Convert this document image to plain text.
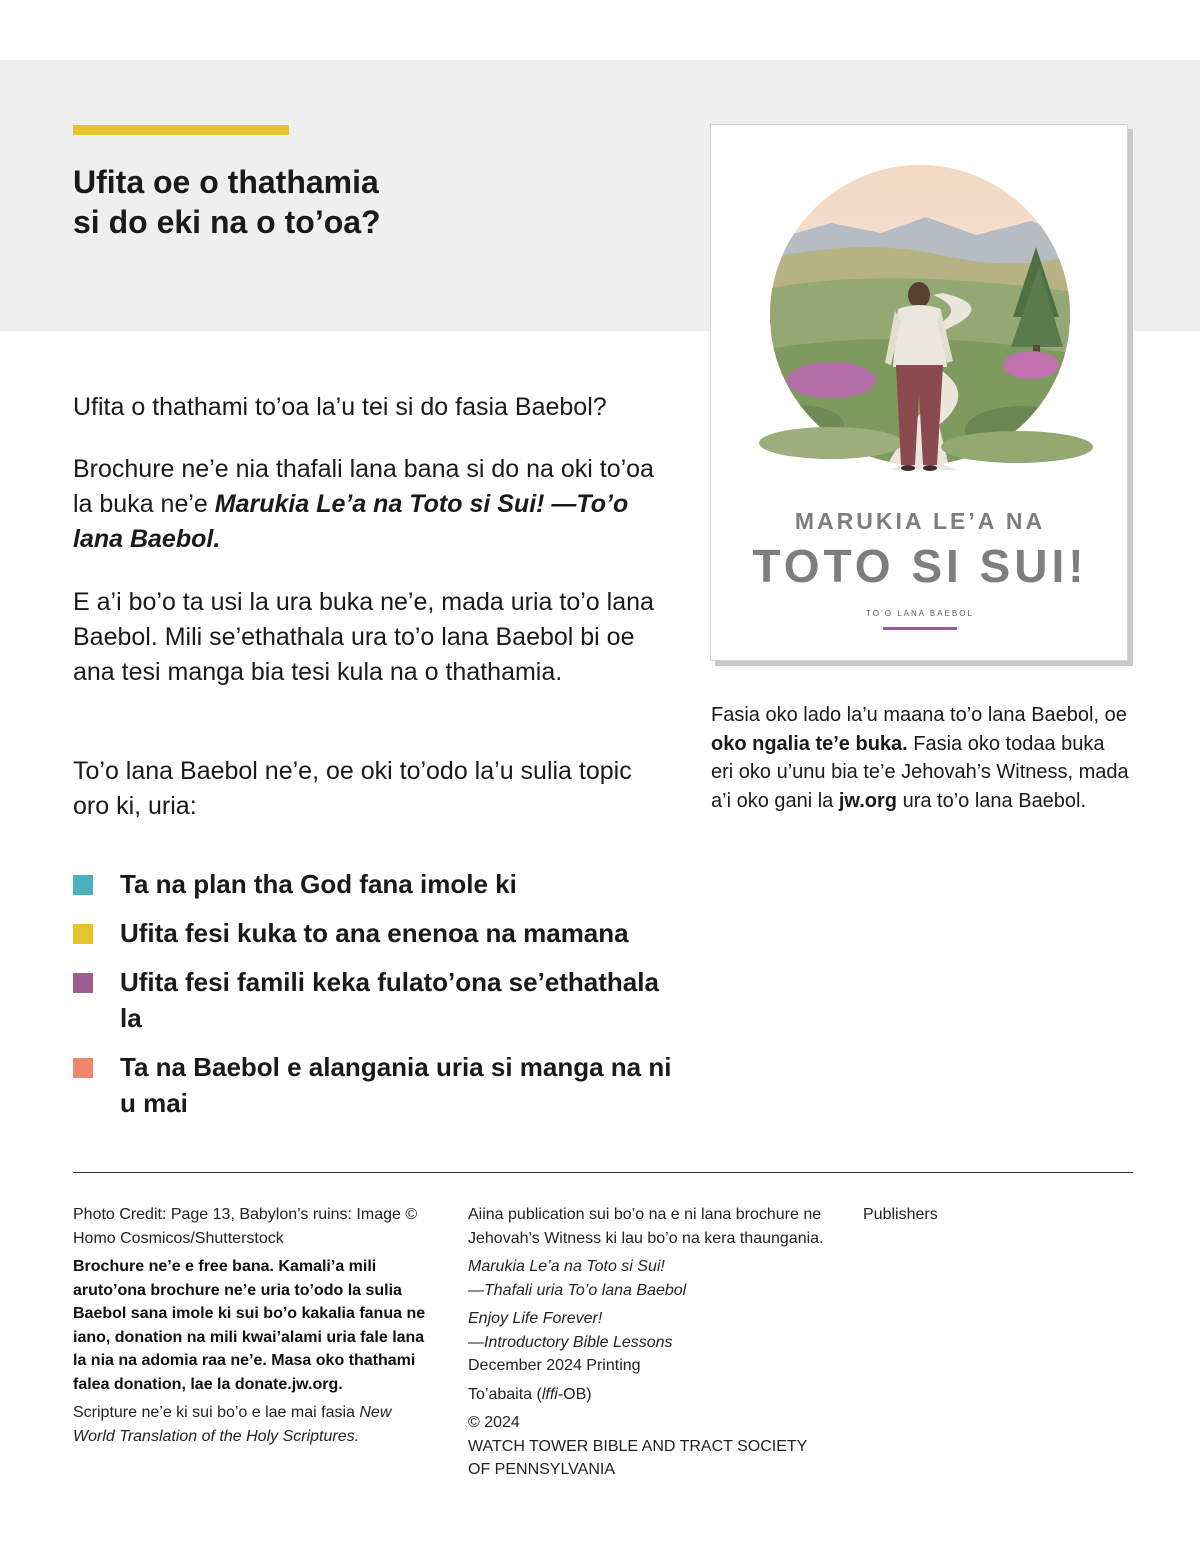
Ufita oe o thathamia
si do eki na o to’oa?
MARUKIA LE’A NA
TOTO SI SUI!
TO’O LANA BAEBOL

Ufita o thathami to’oa la’u tei si do fasia Baebol?

Brochure ne’e nia thafali lana bana si do na oki to’oa la buka ne’e Marukia Le’a na Toto si Sui! —To’o lana Baebol.

E a’i bo’o ta usi la ura buka ne’e, mada uria to’o lana Baebol. Mili se’ethathala ura to’o lana Baebol bi oe ana tesi manga bia tesi kula na o thathamia.

To’o lana Baebol ne’e, oe oki to’odo la’u sulia topic oro ki, uria:

Ta na plan tha God fana imole ki
Ufita fesi kuka to ana enenoa na mamana
Ufita fesi famili keka fulato’ona se’ethathala la
Ta na Baebol e alangania uria si manga na ni u mai

Fasia oko lado la’u maana to’o lana Baebol, oe oko ngalia te’e buka. Fasia oko todaa buka eri oko u’unu bia te’e Jehovah’s Witness, mada a’i oko gani la jw.org ura to’o lana Baebol.

Photo Credit: Page 13, Babylon’s ruins: Image © Homo Cosmicos/Shutterstock

Brochure ne’e e free bana. Kamali’a mili aruto’ona brochure ne’e uria to’odo la sulia Baebol sana imole ki sui bo’o kakalia fanua ne iano, donation na mili kwai’alami uria fale lana la nia na adomia raa ne’e. Masa oko thathami falea donation, lae la donate.jw.org.

Scripture ne’e ki sui bo’o e lae mai fasia New World Translation of the Holy Scriptures.

Aiina publication sui bo’o na e ni lana brochure ne Jehovah’s Witness ki lau bo’o na kera thaungania.

Marukia Le’a na Toto si Sui!
—Thafali uria To’o lana Baebol

Enjoy Life Forever!
—Introductory Bible Lessons
December 2024 Printing

To’abaita (lffi-OB)

© 2024
WATCH TOWER BIBLE AND TRACT SOCIETY
OF PENNSYLVANIA

Publishers
